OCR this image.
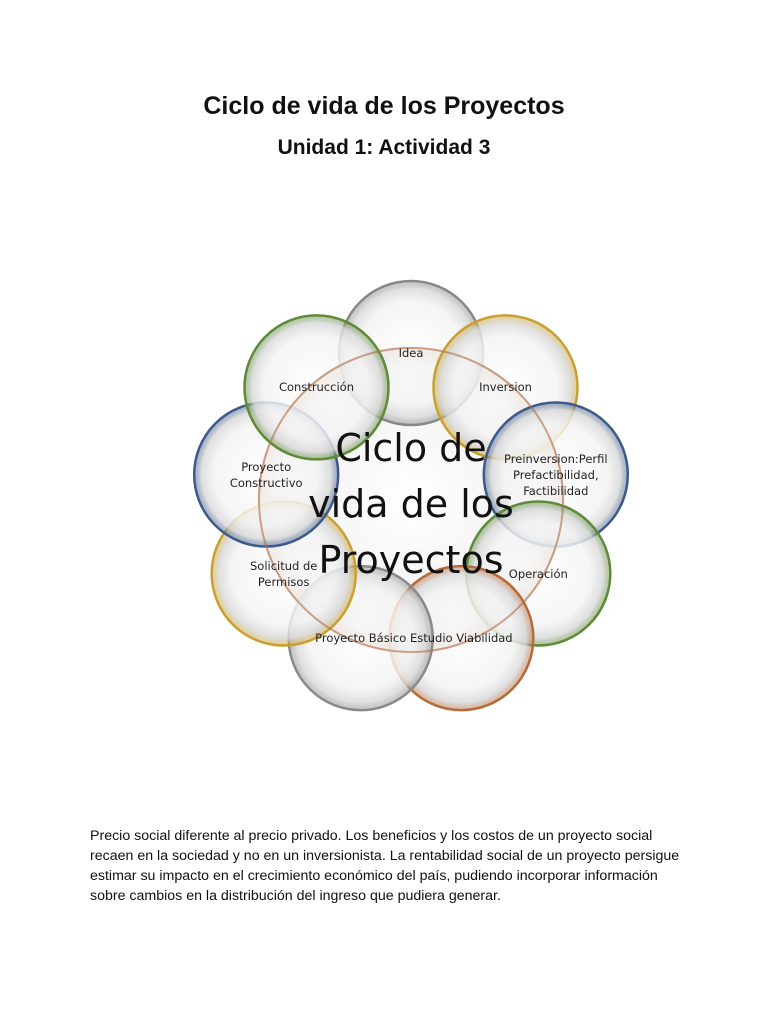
Ciclo de vida de los Proyectos
Unidad 1: Actividad 3
Ciclo de
vida de los
Proyectos
Idea
Inversion
Preinversion:Perfil
Prefactibilidad,
Factibilidad
Operación
Estudio Viabilidad
Proyecto Básico
Solicitud de
Permisos
Proyecto
Constructivo
Construcción
Precio social diferente al precio privado. Los beneficios y los costos de un proyecto social recaen en la sociedad y no en un inversionista. La rentabilidad social de un proyecto persigue estimar su impacto en el crecimiento económico del país, pudiendo incorporar información sobre cambios en la distribución del ingreso que pudiera generar.
